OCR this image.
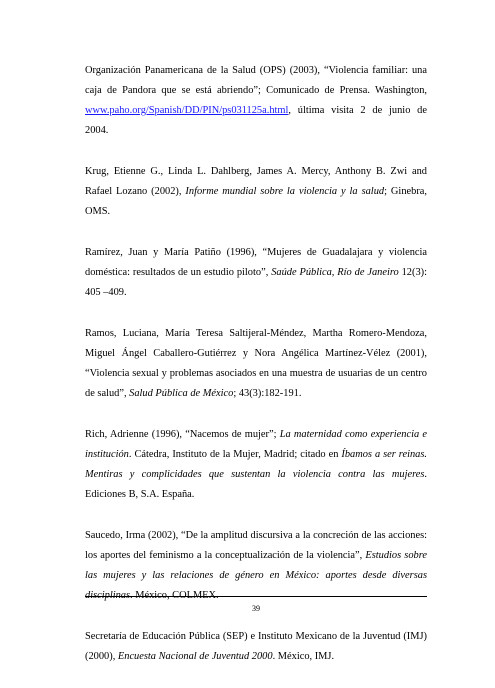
Organización Panamericana de la Salud (OPS) (2003), “Violencia familiar: una caja de Pandora que se está abriendo”; Comunicado de Prensa. Washington, www.paho.org/Spanish/DD/PIN/ps031125a.html, última visita 2 de junio de 2004.

Krug, Etienne G., Linda L. Dahlberg, James A. Mercy, Anthony B. Zwi and Rafael Lozano (2002), Informe mundial sobre la violencia y la salud; Ginebra, OMS.

Ramírez, Juan y María Patiño (1996), “Mujeres de Guadalajara y violencia doméstica: resultados de un estudio piloto”, Saúde Pública, Río de Janeiro 12(3): 405 –409.

Ramos, Luciana, María Teresa Saltijeral-Méndez, Martha Romero-Mendoza, Miguel Ángel Caballero-Gutiérrez y Nora Angélica Martínez-Vélez (2001), “Violencia sexual y problemas asociados en una muestra de usuarias de un centro de salud”, Salud Pública de México; 43(3):182-191.

Rich, Adrienne (1996), “Nacemos de mujer”; La maternidad como experiencia e institución. Cátedra, Instituto de la Mujer, Madrid; citado en Íbamos a ser reinas. Mentiras y complicidades que sustentan la violencia contra las mujeres. Ediciones B, S.A. España.

Saucedo, Irma (2002), “De la amplitud discursiva a la concreción de las acciones: los aportes del feminismo a la conceptualización de la violencia”, Estudios sobre las mujeres y las relaciones de género en México: aportes desde diversas disciplinas. México, COLMEX.

Secretaría de Educación Pública (SEP) e Instituto Mexicano de la Juventud (IMJ) (2000), Encuesta Nacional de Juventud 2000. México, IMJ.

39
